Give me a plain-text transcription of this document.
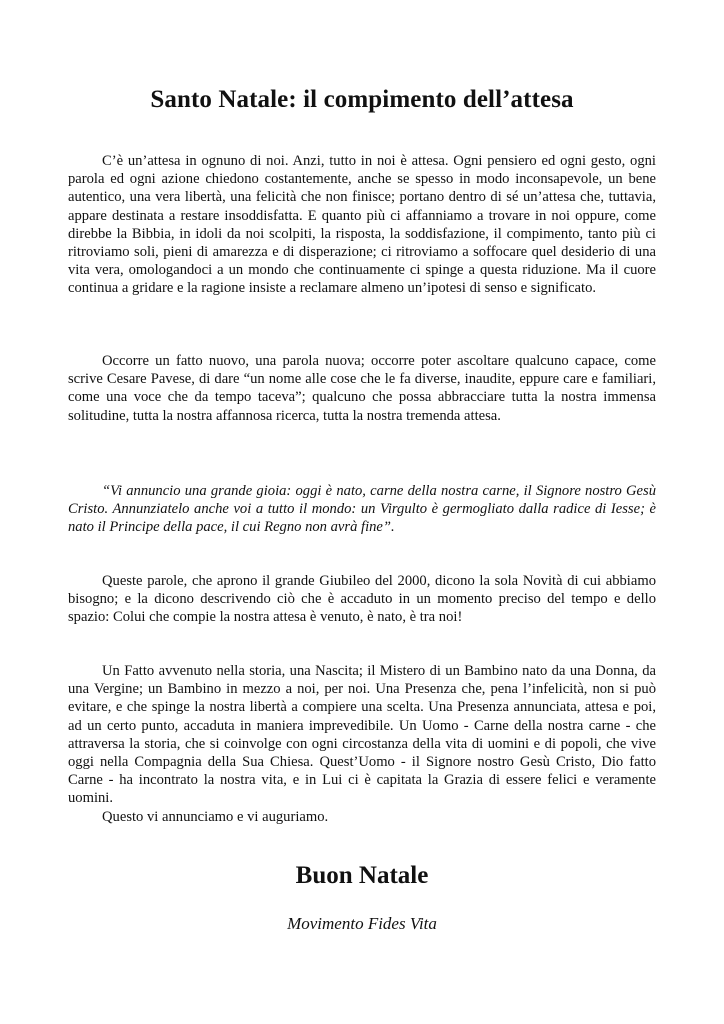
Santo Natale: il compimento dell’attesa

C’è un’attesa in ognuno di noi. Anzi, tutto in noi è attesa. Ogni pensiero ed ogni gesto, ogni parola ed ogni azione chiedono costantemente, anche se spesso in modo inconsapevole, un bene autentico, una vera libertà, una felicità che non finisce; portano dentro di sé un’attesa che, tuttavia, appare destinata a restare insoddisfatta. E quanto più ci affanniamo a trovare in noi oppure, come direbbe la Bibbia, in idoli da noi scolpiti, la risposta, la soddisfazione, il compimento, tanto più ci ritroviamo soli, pieni di amarezza e di disperazione; ci ritroviamo a soffocare quel desiderio di una vita vera, omologandoci a un mondo che continuamente ci spinge a questa riduzione. Ma il cuore continua a gridare e la ragione insiste a reclamare almeno un’ipotesi di senso e significato.

Occorre un fatto nuovo, una parola nuova; occorre poter ascoltare qualcuno capace, come scrive Cesare Pavese, di dare “un nome alle cose che le fa diverse, inaudite, eppure care e familiari, come una voce che da tempo taceva”; qualcuno che possa abbracciare tutta la nostra immensa solitudine, tutta la nostra affannosa ricerca, tutta la nostra tremenda attesa.

“Vi annuncio una grande gioia: oggi è nato, carne della nostra carne, il Signore nostro Gesù Cristo. Annunziatelo anche voi a tutto il mondo: un Virgulto è germogliato dalla radice di Iesse; è nato il Principe della pace, il cui Regno non avrà fine”.

Queste parole, che aprono il grande Giubileo del 2000, dicono la sola Novità di cui abbiamo bisogno; e la dicono descrivendo ciò che è accaduto in un momento preciso del tempo e dello spazio: Colui che compie la nostra attesa è venuto, è nato, è tra noi!

Un Fatto avvenuto nella storia, una Nascita; il Mistero di un Bambino nato da una Donna, da una Vergine; un Bambino in mezzo a noi, per noi. Una Presenza che, pena l’infelicità, non si può evitare, e che spinge la nostra libertà a compiere una scelta. Una Presenza annunciata, attesa e poi, ad un certo punto, accaduta in maniera imprevedibile. Un Uomo - Carne della nostra carne - che attraversa la storia, che si coinvolge con ogni circostanza della vita di uomini e di popoli, che vive oggi nella Compagnia della Sua Chiesa. Quest’Uomo - il Signore nostro Gesù Cristo, Dio fatto Carne - ha incontrato la nostra vita, e in Lui ci è capitata la Grazia di essere felici e veramente uomini.

Questo vi annunciamo e vi auguriamo.

Buon Natale

Movimento Fides Vita
